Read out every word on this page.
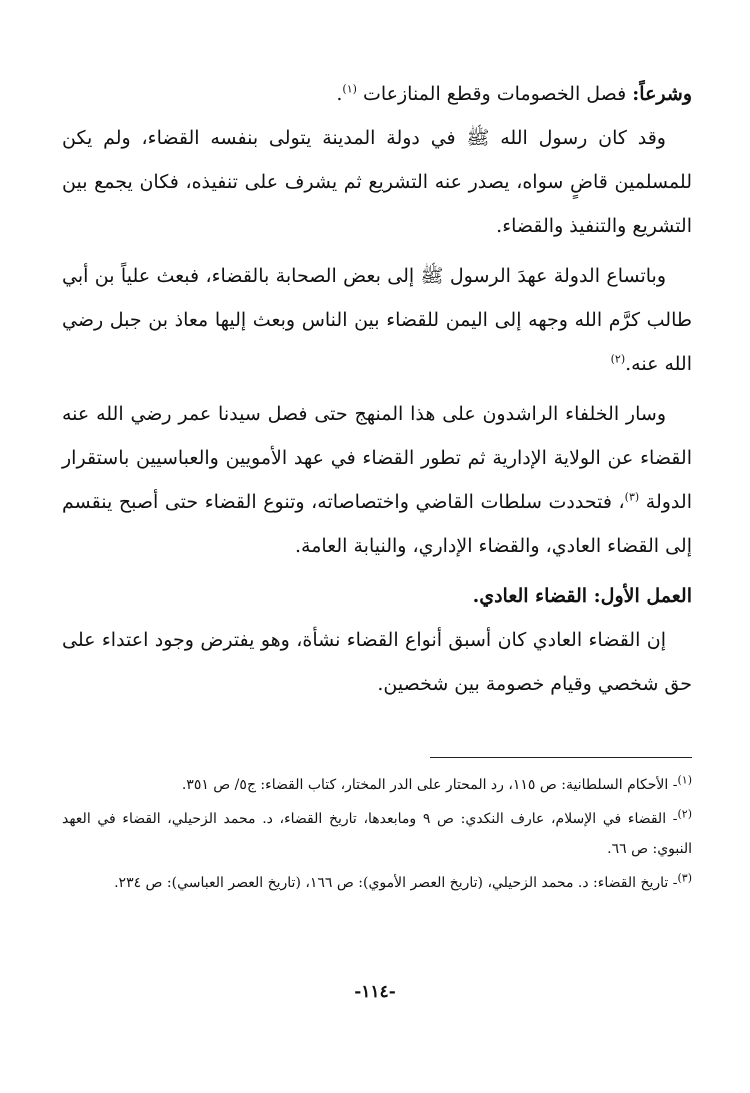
وشرعاً: فصل الخصومات وقطع المنازعات $^{(١)}$.

وقد كان رسول الله ﷺ في دولة المدينة يتولى بنفسه القضاء، ولم يكن للمسلمين قاضٍ سواه، يصدر عنه التشريع ثم يشرف على تنفيذه، فكان يجمع بين التشريع والتنفيذ والقضاء.

وباتساع الدولة عهدَ الرسول ﷺ إلى بعض الصحابة بالقضاء، فبعث علياً بن أبي طالب كرَّم الله وجهه إلى اليمن للقضاء بين الناس وبعث إليها معاذ بن جبل رضي الله عنه.$^{(٢)}$

وسار الخلفاء الراشدون على هذا المنهج حتى فصل سيدنا عمر رضي الله عنه القضاء عن الولاية الإدارية ثم تطور القضاء في عهد الأمويين والعباسيين باستقرار الدولة $^{(٣)}$، فتحددت سلطات القاضي واختصاصاته، وتنوع القضاء حتى أصبح ينقسم إلى القضاء العادي، والقضاء الإداري، والنيابة العامة.

العمل الأول: القضاء العادي.

إن القضاء العادي كان أسبق أنواع القضاء نشأة، وهو يفترض وجود اعتداء على حق شخصي وقيام خصومة بين شخصين.

$^{(١)}$- الأحكام السلطانية: ص ١١٥، رد المحتار على الدر المختار، كتاب القضاء: ج٥/ ص ٣٥١.

$^{(٢)}$- القضاء في الإسلام، عارف النكدي: ص ٩ ومابعدها، تاريخ القضاء، د. محمد الزحيلي، القضاء في العهد النبوي: ص ٦٦.

$^{(٣)}$- تاريخ القضاء: د. محمد الزحيلي، (تاريخ العصر الأموي): ص ١٦٦، (تاريخ العصر العباسي): ص ٢٣٤.

-١١٤-
